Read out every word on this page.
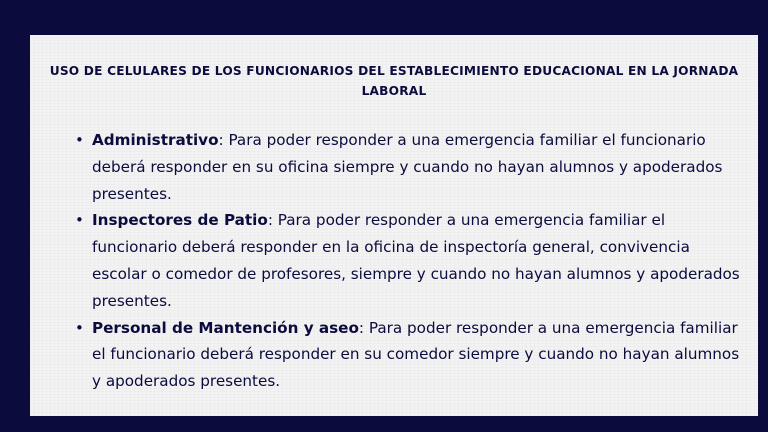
USO DE CELULARES DE LOS FUNCIONARIOS DEL ESTABLECIMIENTO EDUCACIONAL EN LA JORNADA LABORAL
• Administrativo: Para poder responder a una emergencia familiar el funcionario deberá responder en su oficina siempre y cuando no hayan alumnos y apoderados presentes.
• Inspectores de Patio: Para poder responder a una emergencia familiar el funcionario deberá responder en la oficina de inspectoría general, convivencia escolar o comedor de profesores, siempre y cuando no hayan alumnos y apoderados presentes.
• Personal de Mantención y aseo: Para poder responder a una emergencia familiar el funcionario deberá responder en su comedor siempre y cuando no hayan alumnos y apoderados presentes.
